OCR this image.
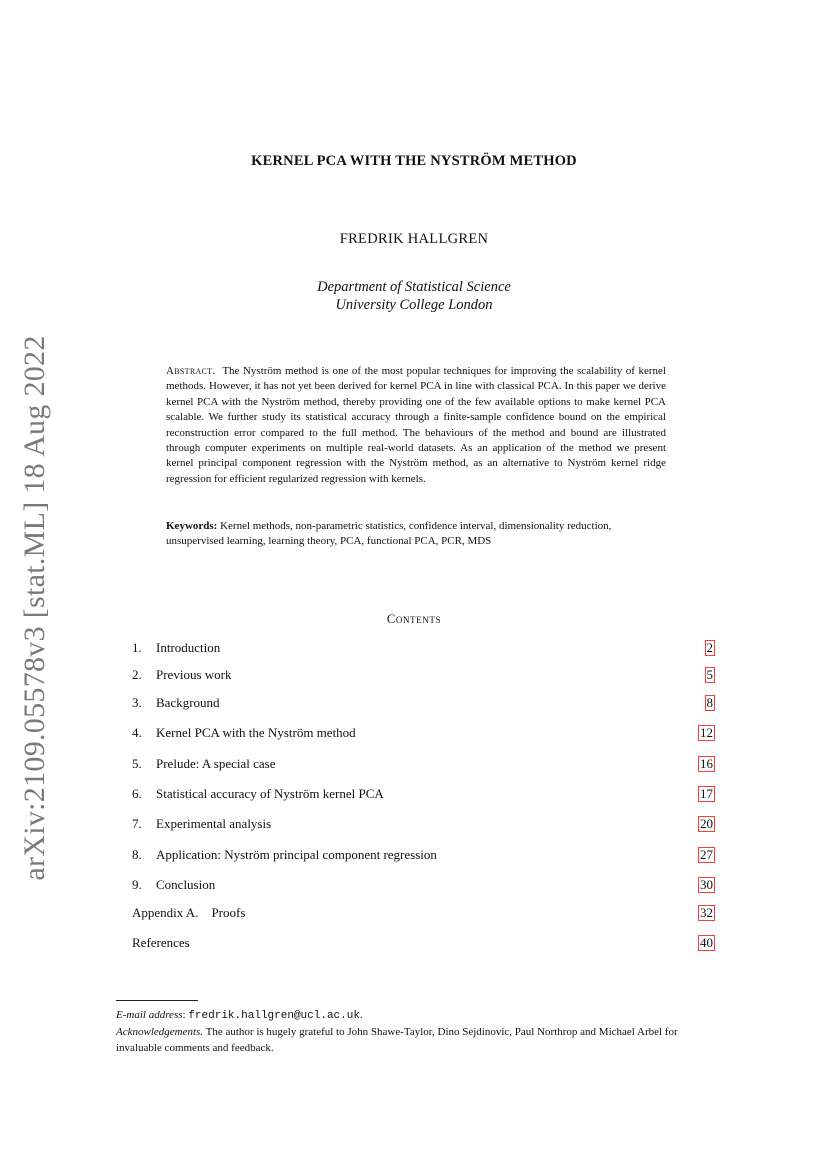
arXiv:2109.05578v3 [stat.ML] 18 Aug 2022
KERNEL PCA WITH THE NYSTRÖM METHOD
FREDRIK HALLGREN
Department of Statistical Science
University College London
Abstract. The Nyström method is one of the most popular techniques for improving the scalability of kernel methods. However, it has not yet been derived for kernel PCA in line with classical PCA. In this paper we derive kernel PCA with the Nyström method, thereby providing one of the few available options to make kernel PCA scalable. We further study its statistical accuracy through a finite-sample confidence bound on the empirical reconstruction error compared to the full method. The behaviours of the method and bound are illustrated through computer experiments on multiple real-world datasets. As an application of the method we present kernel principal component regression with the Nyström method, as an alternative to Nyström kernel ridge regression for efficient regularized regression with kernels.
Keywords: Kernel methods, non-parametric statistics, confidence interval, dimensionality reduction, unsupervised learning, learning theory, PCA, functional PCA, PCR, MDS
Contents
1. Introduction	2
2. Previous work	5
3. Background	8
4. Kernel PCA with the Nyström method	12
5. Prelude: A special case	16
6. Statistical accuracy of Nyström kernel PCA	17
7. Experimental analysis	20
8. Application: Nyström principal component regression	27
9. Conclusion	30
Appendix A.    Proofs	32
References	40
E-mail address: fredrik.hallgren@ucl.ac.uk.
Acknowledgements. The author is hugely grateful to John Shawe-Taylor, Dino Sejdinovic, Paul Northrop and Michael Arbel for invaluable comments and feedback.
